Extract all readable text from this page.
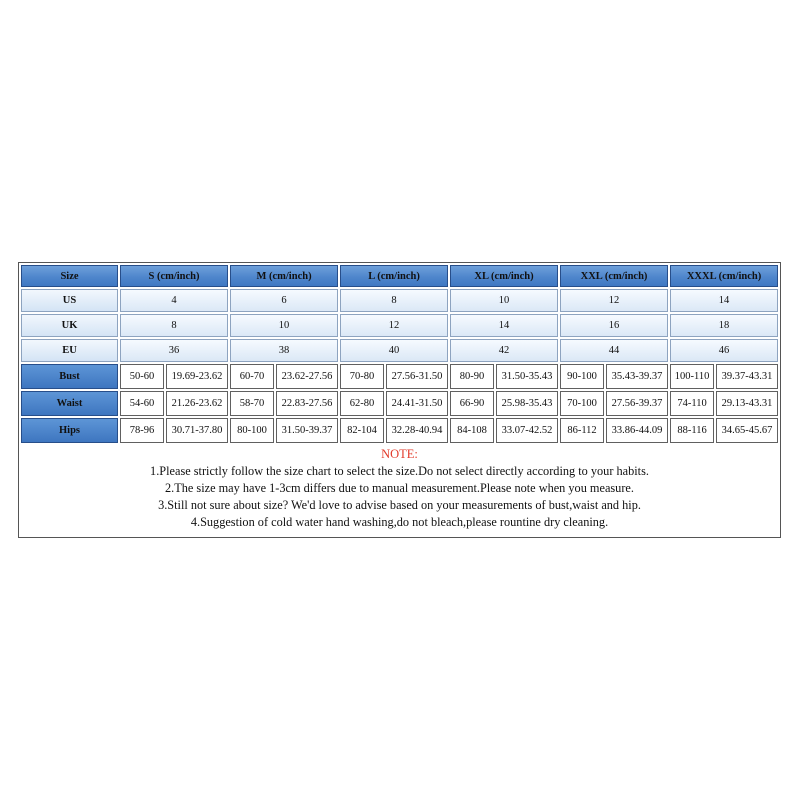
Size	S (cm/inch)		M (cm/inch)		L (cm/inch)		XL (cm/inch)		XXL (cm/inch)		XXXL (cm/inch)	
US	4		6		8		10		12		14	
UK	8		10		12		14		16		18	
EU	36		38		40		42		44		46	
Bust	50-60	19.69-23.62	60-70	23.62-27.56	70-80	27.56-31.50	80-90	31.50-35.43	90-100	35.43-39.37	100-110	39.37-43.31
Waist	54-60	21.26-23.62	58-70	22.83-27.56	62-80	24.41-31.50	66-90	25.98-35.43	70-100	27.56-39.37	74-110	29.13-43.31
Hips	78-96	30.71-37.80	80-100	31.50-39.37	82-104	32.28-40.94	84-108	33.07-42.52	86-112	33.86-44.09	88-116	34.65-45.67
NOTE:
1.Please strictly follow the size chart to select the size.Do not select directly according to your habits.
2.The size may have 1-3cm differs due to manual measurement.Please note when you measure.
3.Still not sure about size? We'd love to advise based on your measurements of bust,waist and hip.
4.Suggestion of cold water hand washing,do not bleach,please rountine dry cleaning.
